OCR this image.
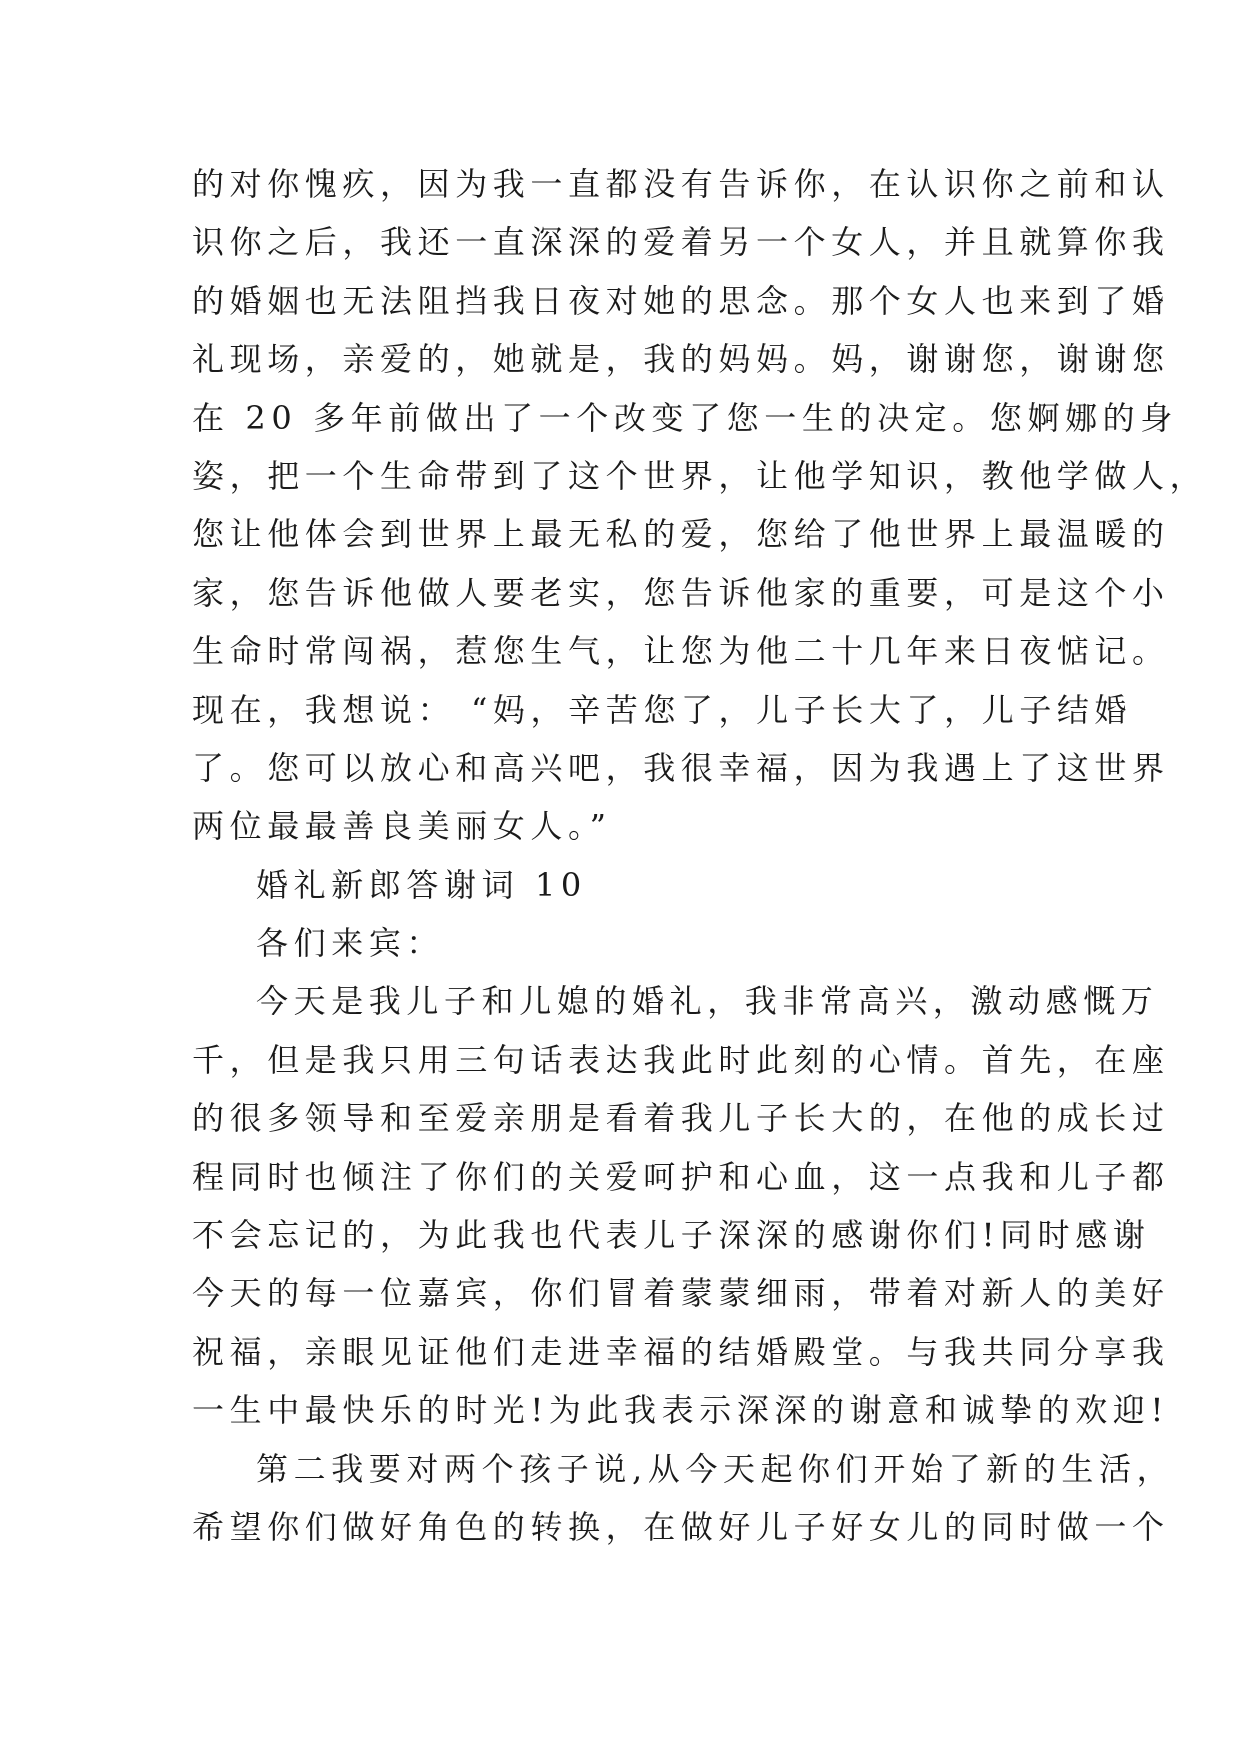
的对你愧疚，因为我一直都没有告诉你，在认识你之前和认
识你之后，我还一直深深的爱着另一个女人，并且就算你我
的婚姻也无法阻挡我日夜对她的思念。那个女人也来到了婚
礼现场，亲爱的，她就是，我的妈妈。妈，谢谢您，谢谢您
在 20 多年前做出了一个改变了您一生的决定。您婀娜的身
姿，把一个生命带到了这个世界，让他学知识，教他学做人，
您让他体会到世界上最无私的爱，您给了他世界上最温暖的
家，您告诉他做人要老实，您告诉他家的重要，可是这个小
生命时常闯祸，惹您生气，让您为他二十几年来日夜惦记。
现在，我想说： “妈，辛苦您了，儿子长大了，儿子结婚
了。您可以放心和高兴吧，我很幸福，因为我遇上了这世界
两位最最善良美丽女人。”
婚礼新郎答谢词 10
各们来宾：
今天是我儿子和儿媳的婚礼，我非常高兴，激动感慨万
千，但是我只用三句话表达我此时此刻的心情。首先，在座
的很多领导和至爱亲朋是看着我儿子长大的，在他的成长过
程同时也倾注了你们的关爱呵护和心血，这一点我和儿子都
不会忘记的，为此我也代表儿子深深的感谢你们!同时感谢
今天的每一位嘉宾，你们冒着蒙蒙细雨，带着对新人的美好
祝福，亲眼见证他们走进幸福的结婚殿堂。与我共同分享我
一生中最快乐的时光!为此我表示深深的谢意和诚挚的欢迎!
第二我要对两个孩子说,从今天起你们开始了新的生活，
希望你们做好角色的转换，在做好儿子好女儿的同时做一个
